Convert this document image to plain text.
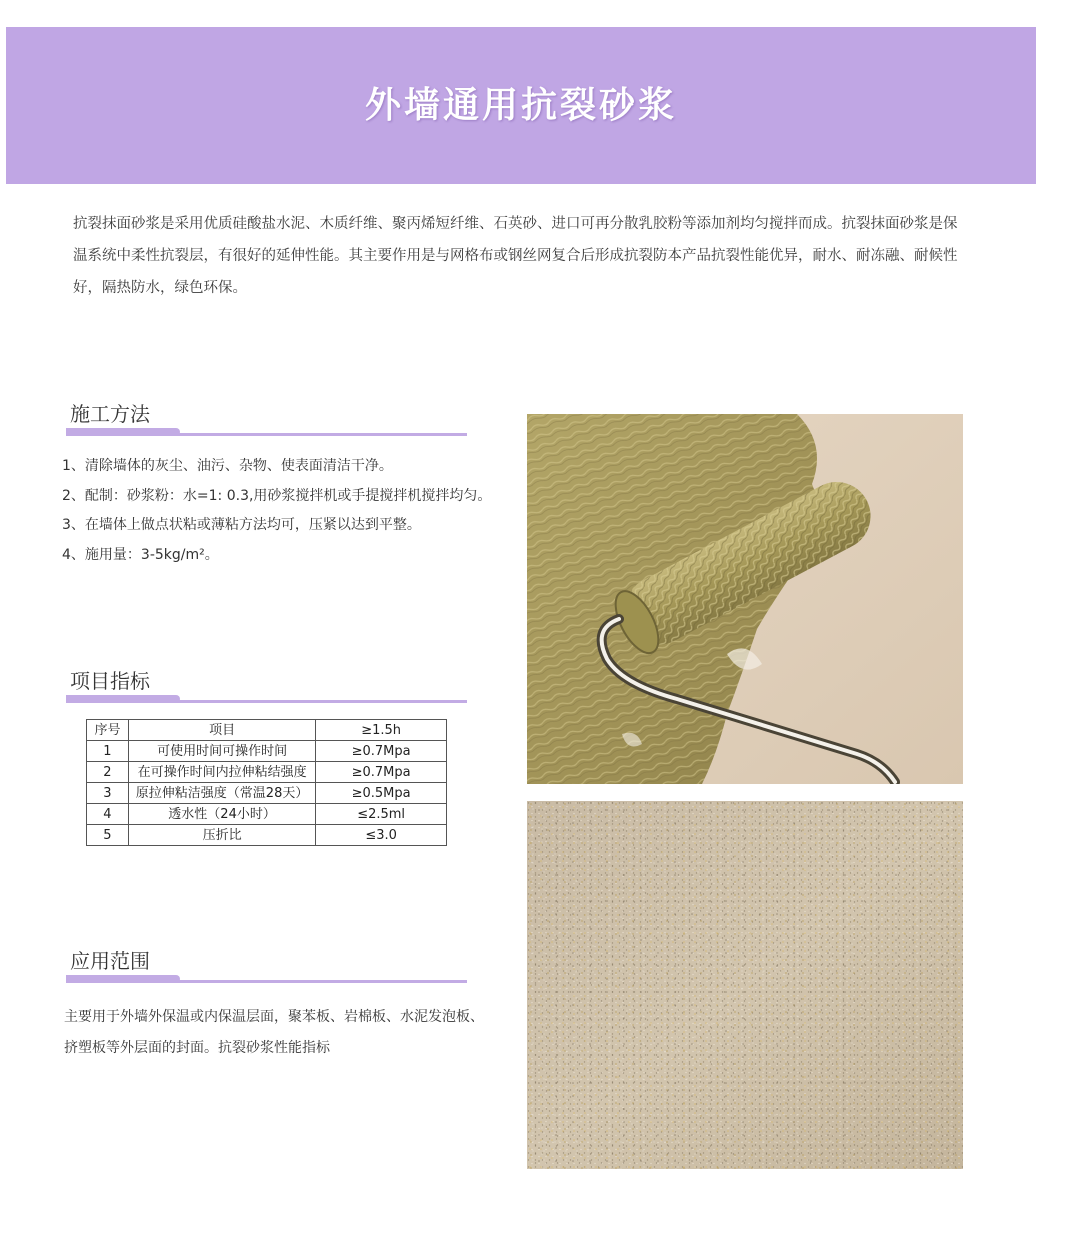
外墙通用抗裂砂浆
抗裂抹面砂浆是采用优质硅酸盐水泥、木质纤维、聚丙烯短纤维、石英砂、进口可再分散乳胶粉等添加剂均匀搅拌而成。抗裂抹面砂浆是保温系统中柔性抗裂层，有很好的延伸性能。其主要作用是与网格布或钢丝网复合后形成抗裂防本产品抗裂性能优异，耐水、耐冻融、耐候性好，隔热防水，绿色环保。
施工方法
1、清除墙体的灰尘、油污、杂物、使表面清洁干净。
2、配制：砂浆粉：水=1: 0.3,用砂浆搅拌机或手提搅拌机搅拌均匀。
3、在墙体上做点状粘或薄粘方法均可，压紧以达到平整。
4、施用量：3-5kg/m²。
项目指标
序号	项目	≥1.5h
1	可使用时间可操作时间	≥0.7Mpa
2	在可操作时间内拉伸粘结强度	≥0.7Mpa
3	原拉伸粘洁强度（常温28天）	≥0.5Mpa
4	透水性（24小时）	≤2.5ml
5	压折比	≤3.0
应用范围
主要用于外墙外保温或内保温层面，聚苯板、岩棉板、水泥发泡板、挤塑板等外层面的封面。抗裂砂浆性能指标
